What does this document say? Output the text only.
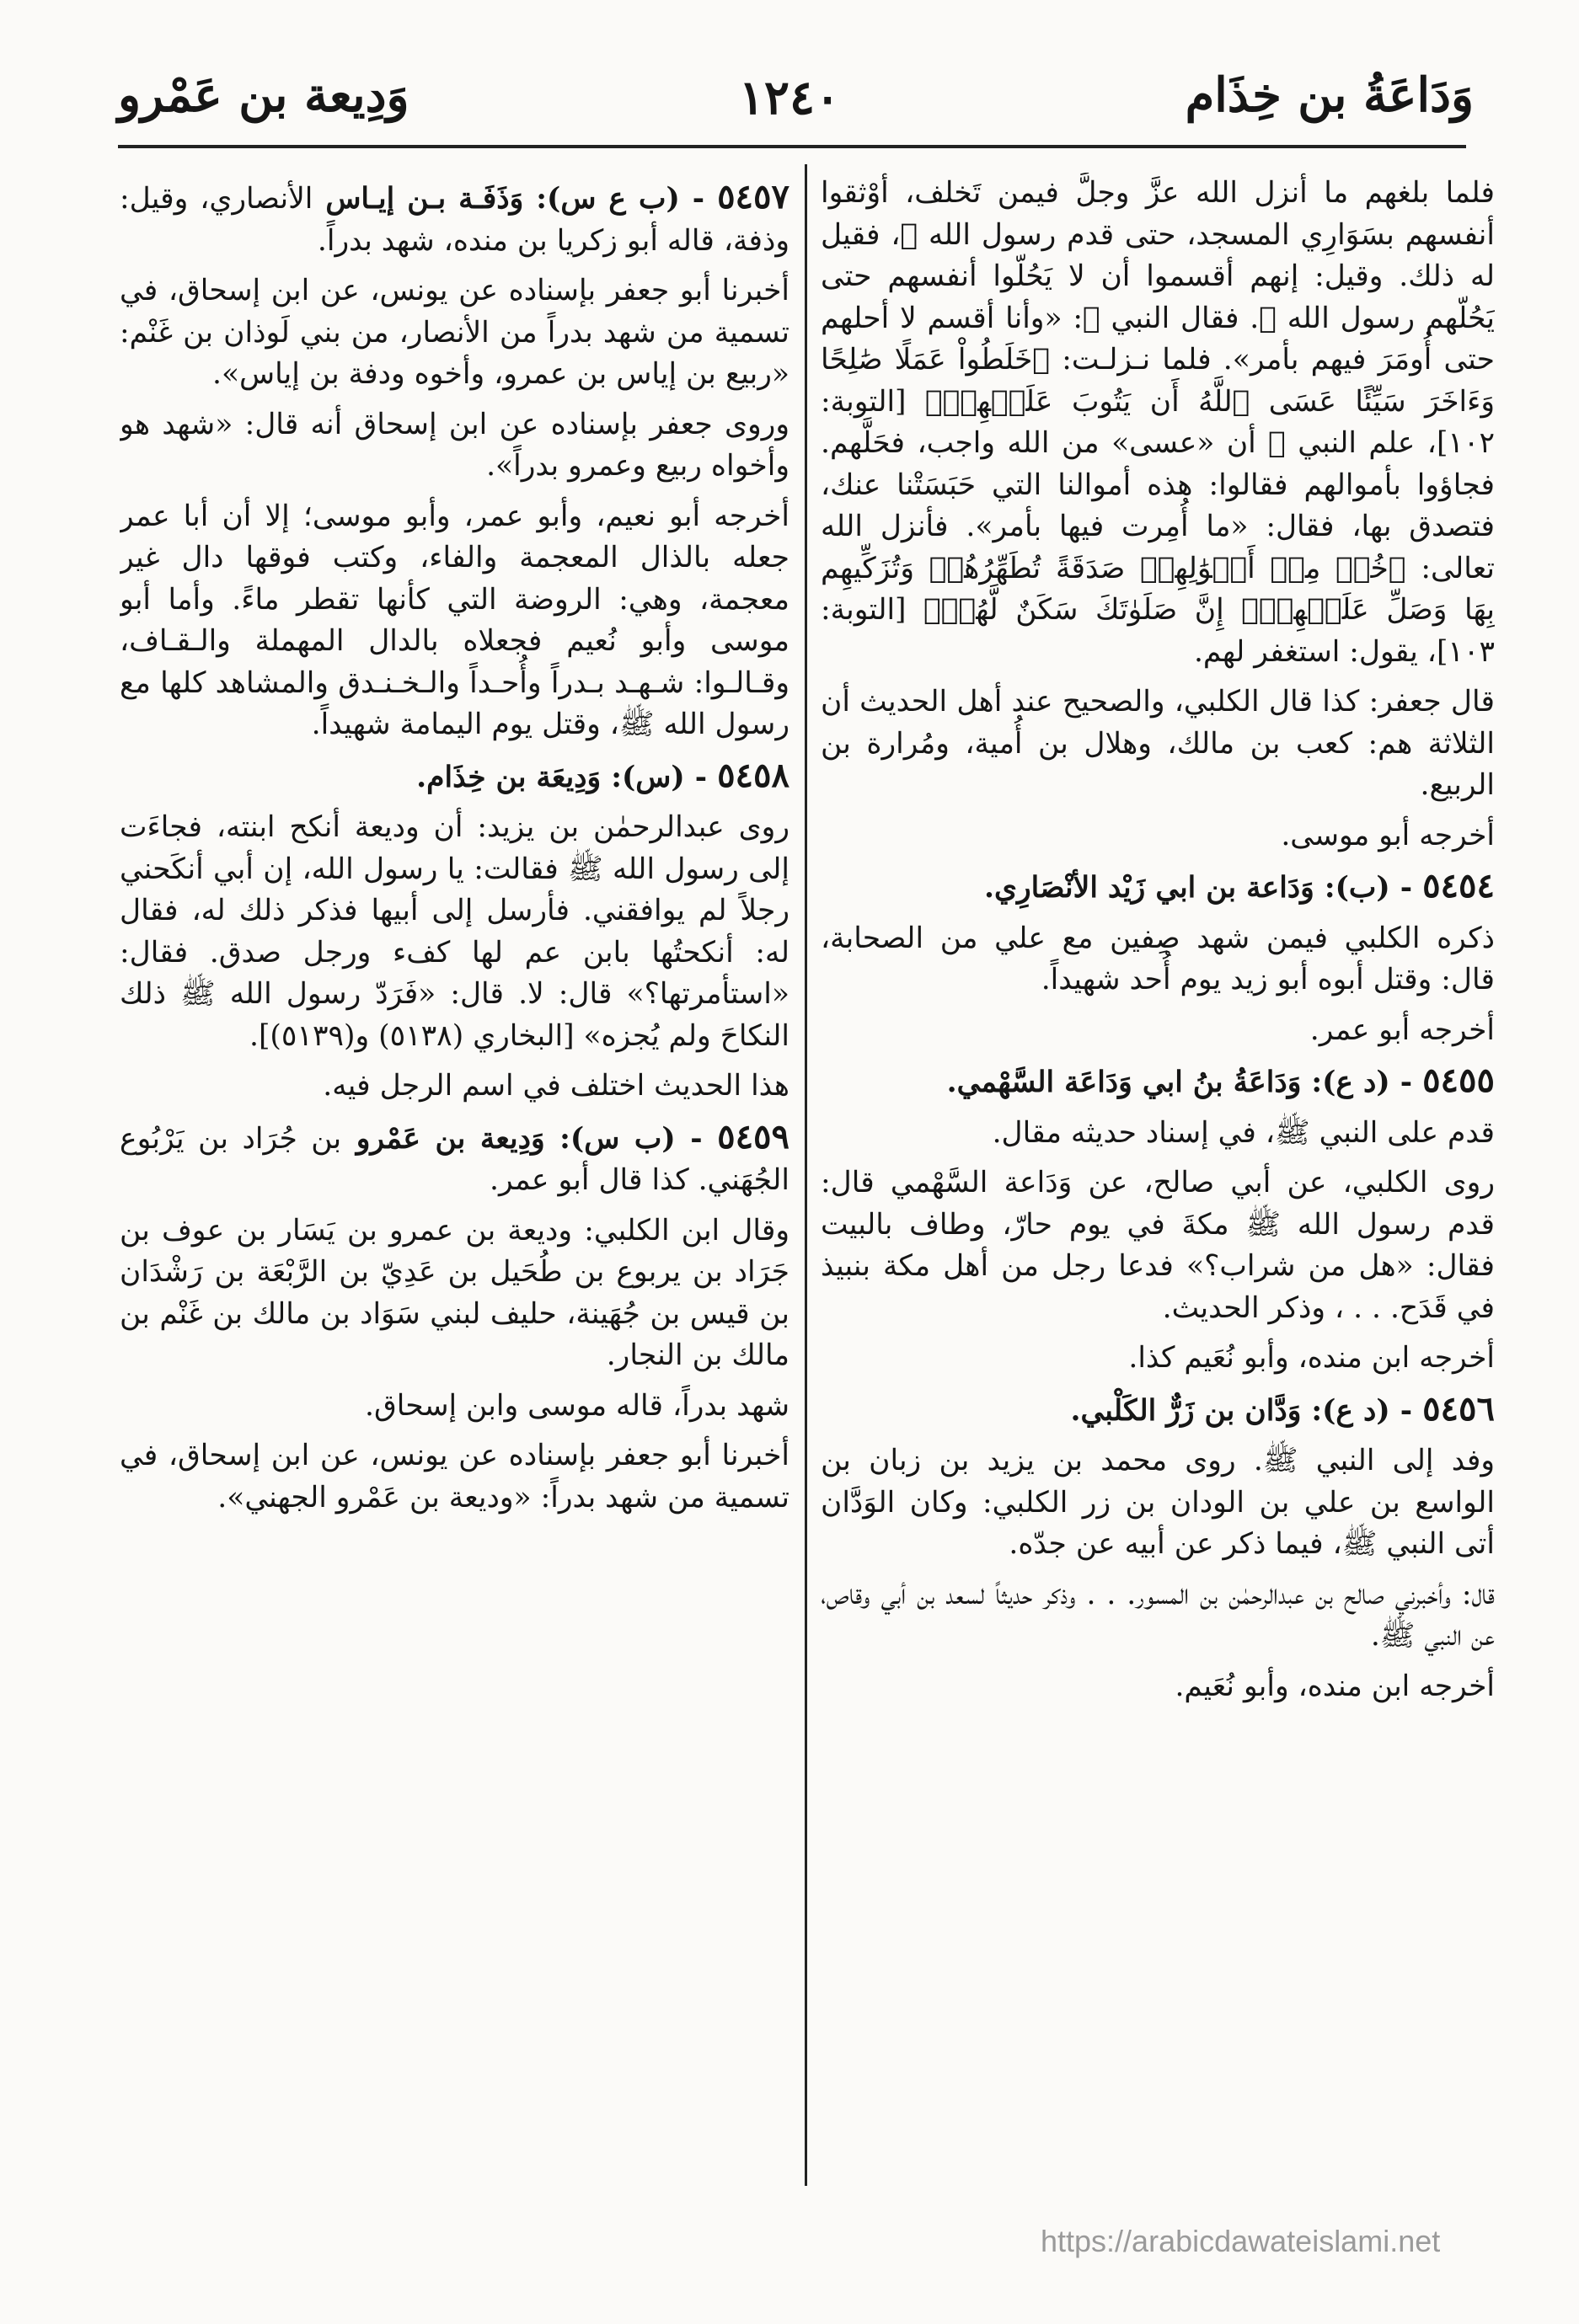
وَدَاعَةُ بن خِذَام
١٢٤٠
وَدِيعة بن عَمْرو

فلما بلغهم ما أنزل الله عزَّ وجلَّ فيمن تَخلف، أَوْثقوا أنفسهم بسَوَارِي المسجد، حتى قدم رسول الله ﷺ، فقيل له ذلك. وقيل: إنهم أقسموا أن لا يَحُلّوا أنفسهم حتى يَحُلّهم رسول الله ﷺ. فقال النبي ﷺ: «وأنا أقسم لا أحلهم حتى أُومَرَ فيهم بأمر». فلما نـزلـت: ﴿خَلَطُواْ عَمَلًا صَٰلِحًا وَءَاخَرَ سَيِّئًا عَسَى ٱللَّهُ أَن يَتُوبَ عَلَيۡهِمۡ﴾ [التوبة: ١٠٢]، علم النبي ﷺ أن «عسى» من الله واجب، فحَلَّهم. فجاؤوا بأموالهم فقالوا: هذه أموالنا التي حَبَسَتْنا عنك، فتصدق بها، فقال: «ما أُمِرت فيها بأمر». فأنزل الله تعالى: ﴿خُذۡ مِنۡ أَمۡوَٰلِهِمۡ صَدَقَةً تُطَهِّرُهُمۡ وَتُزَكِّيهِم بِهَا وَصَلِّ عَلَيۡهِمۡۖ إِنَّ صَلَوٰتَكَ سَكَنٌ لَّهُمۡ﴾ [التوبة: ١٠٣]، يقول: استغفر لهم.

قال جعفر: كذا قال الكلبي، والصحيح عند أهل الحديث أن الثلاثة هم: كعب بن مالك، وهلال بن أُمية، ومُرارة بن الربيع.

أخرجه أبو موسى.

٥٤٥٤ - (ب): وَدَاعة بن ابي زَيْد الأنْصَارِي.

ذكره الكلبي فيمن شهد صِفين مع علي من الصحابة، قال: وقتل أبوه أبو زيد يوم أُحد شهيداً.

أخرجه أبو عمر.

٥٤٥٥ - (د ع): وَدَاعَةُ بنُ ابي وَدَاعَة السَّهْمي.

قدم على النبي ﷺ، في إسناد حديثه مقال.

روى الكلبي، عن أبي صالح، عن وَدَاعة السَّهْمي قال: قدم رسول الله ﷺ مكةَ في يوم حارّ، وطاف بالبيت فقال: «هل من شراب؟» فدعا رجل من أهل مكة بنبيذ في قَدَح. . . ، وذكر الحديث.

أخرجه ابن منده، وأبو نُعَيم كذا.

٥٤٥٦ - (د ع): وَدَّان بن زَرٌّ الكَلْبي.

وفد إلى النبي ﷺ. روى محمد بن يزيد بن زبان بن الواسع بن علي بن الودان بن زر الكلبي: وكان الوَدَّان أتى النبي ﷺ، فيما ذكر عن أبيه عن جدّه.

قال: وأخبرني صالح بن عبدالرحمٰن بن المسور. . . وذكر حديثاً لسعد بن أبي وقاص، عن النبي ﷺ.

أخرجه ابن منده، وأبو نُعَيم.

٥٤٥٧ - (ب ع س): وَذَفَـة بـن إيـاس الأنصاري، وقيل: وذفة، قاله أبو زكريا بن منده، شهد بدراً.

أخبرنا أبو جعفر بإسناده عن يونس، عن ابن إسحاق، في تسمية من شهد بدراً من الأنصار، من بني لَوذان بن غَنْم: «ربيع بن إياس بن عمرو، وأخوه ودفة بن إياس».

وروى جعفر بإسناده عن ابن إسحاق أنه قال: «شهد هو وأخواه ربيع وعمرو بدراً».

أخرجه أبو نعيم، وأبو عمر، وأبو موسى؛ إلا أن أبا عمر جعله بالذال المعجمة والفاء، وكتب فوقها دال غير معجمة، وهي: الروضة التي كأنها تقطر ماءً. وأما أبو موسى وأبو نُعيم فجعلاه بالدال المهملة والـقـاف، وقـالـوا: شـهـد بـدراً وأُحـداً والـخـنـدق والمشاهد كلها مع رسول الله ﷺ، وقتل يوم اليمامة شهيداً.

٥٤٥٨ - (س): وَدِيعَة بن خِذَام.

روى عبدالرحمٰن بن يزيد: أن وديعة أنكح ابنته، فجاءَت إلى رسول الله ﷺ فقالت: يا رسول الله، إن أبي أنكَحني رجلاً لم يوافقني. فأرسل إلى أبيها فذكر ذلك له، فقال له: أنكحتُها بابن عم لها كفء ورجل صدق. فقال: «استأمرتها؟» قال: لا. قال: «فَرَدّ رسول الله ﷺ ذلك النكاحَ ولم يُجزه» [البخاري (٥١٣٨) و(٥١٣٩)].

هذا الحديث اختلف في اسم الرجل فيه.

٥٤٥٩ - (ب س): وَدِيعة بن عَمْرو بن جُرَاد بن يَرْبُوع الجُهَني. كذا قال أبو عمر.

وقال ابن الكلبي: وديعة بن عمرو بن يَسَار بن عوف بن جَرَاد بن يربوع بن طُحَيل بن عَدِيّ بن الرَّبْعَة بن رَشْدَان بن قيس بن جُهَينة، حليف لبني سَوَاد بن مالك بن غَنْم بن مالك بن النجار.

شهد بدراً، قاله موسى وابن إسحاق.

أخبرنا أبو جعفر بإسناده عن يونس، عن ابن إسحاق، في تسمية من شهد بدراً: «وديعة بن عَمْرو الجهني».

https://arabicdawateislami.net
